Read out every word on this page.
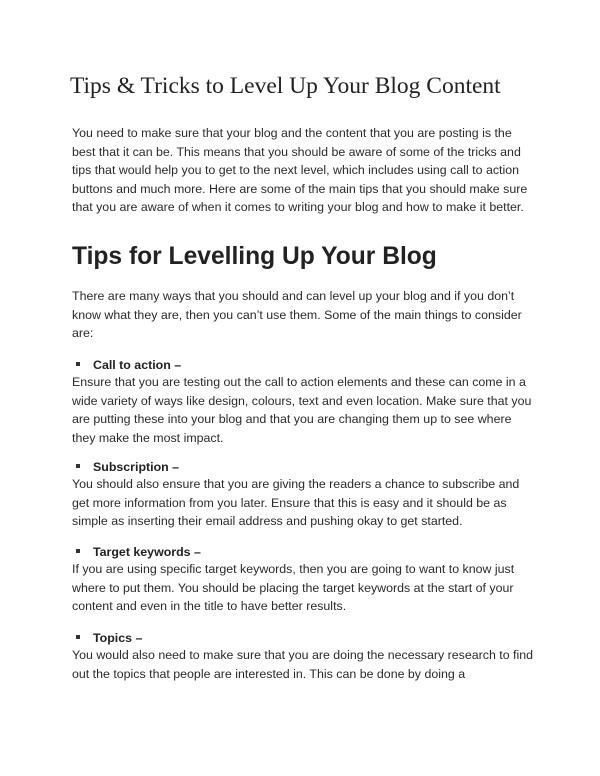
Tips & Tricks to Level Up Your Blog Content

You need to make sure that your blog and the content that you are posting is the best that it can be. This means that you should be aware of some of the tricks and tips that would help you to get to the next level, which includes using call to action buttons and much more. Here are some of the main tips that you should make sure that you are aware of when it comes to writing your blog and how to make it better.

Tips for Levelling Up Your Blog

There are many ways that you should and can level up your blog and if you don’t know what they are, then you can’t use them. Some of the main things to consider are:

Call to action –

Ensure that you are testing out the call to action elements and these can come in a wide variety of ways like design, colours, text and even location. Make sure that you are putting these into your blog and that you are changing them up to see where they make the most impact.

Subscription –

You should also ensure that you are giving the readers a chance to subscribe and get more information from you later. Ensure that this is easy and it should be as simple as inserting their email address and pushing okay to get started.

Target keywords –

If you are using specific target keywords, then you are going to want to know just where to put them. You should be placing the target keywords at the start of your content and even in the title to have better results.

Topics –

You would also need to make sure that you are doing the necessary research to find out the topics that people are interested in. This can be done by doing a
